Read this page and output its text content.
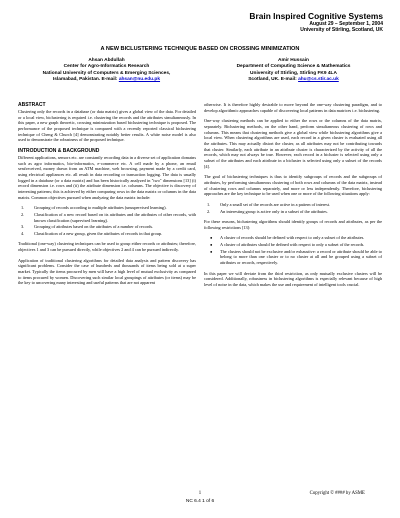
Brain Inspired Cognitive Systems
August 29 – September 1, 2004
University of Stirling, Scotland, UK
A NEW BICLUSTERING TECHNIQUE BASED ON CROSSING MINIMIZATION
Ahsan Abdullah
Center for Agro-Informatics Research
National University of Computers & Emerging Sciences,
Islamabad, Pakistan. E-mail: ahsan@nu.edu.pk
Amir Hussain
Department of Computing Science & Mathematics
University of Stirling, Stirling FK9 4LA
Scotland, UK. E-mail: ahu@cs.stir.ac.uk
ABSTRACT

Clustering only the records in a database (or data matrix) gives a global view of the data. For detailed or a local view, biclustering is required i.e. clustering the records and the attributes simultaneously. In this paper, a new graph theoretic, crossing minimization based biclustering technique is proposed. The performance of the proposed technique is compared with a recently reported classical biclustering technique of Cheng & Church [4] demonstrating notably better results. A white noise model is also used to demonstrate the robustness of the proposed technique.

INTRODUCTION & BACKGROUND

Different applications, sensors etc. are constantly recording data in a diverse set of application domains such as agro informatics, bio-informatics, e-commerce etc. A cell made by a phone, an email sent/received, money drawn from an ATM machine, web browsing, payment made by a credit card, using electrical appliances etc. all result in data recording or transaction logging. The data is usually logged in a database (or a data matrix) and has been historically analyzed in "two" dimensions [13] (i) record dimension i.e. rows and (ii) the attribute dimension i.e. columns. The objective is discovery of interesting patterns; this is achieved by either comparing rows in the data matrix or columns in the data matrix. Common objectives pursued when analyzing the data matrix include:

1. Grouping of records according to multiple attributes (unsupervised learning).
2. Classification of a new record based on its attributes and the attributes of other records, with known classification (supervised learning).
3. Grouping of attributes based on the attributes of a number of records.
4. Classification of a new group, given the attributes of records in that group.

Traditional (one-way) clustering techniques can be used to group either records or attributes; therefore, objectives 1 and 3 can be pursued directly, while objectives 2 and 4 can be pursued indirectly.

Application of traditional clustering algorithms for detailed data analysis and pattern discovery has significant problems. Consider the case of hundreds and thousands of items being sold at a super market. Typically the items procured by men will have a high level of mutual exclusivity as compared to items procured by women. Discovering such similar local groupings of attributes (or items) may be the key to uncovering many interesting and useful patterns that are not apparent

otherwise. It is therefore highly desirable to move beyond the one-way clustering paradigm, and to develop algorithmic approaches capable of discovering local patterns in data matrices i.e. biclustering.

One-way clustering methods can be applied to either the rows or the columns of the data matrix, separately. Biclustering methods, on the other hand, perform simultaneous clustering of rows and columns. This means that clustering methods give a global view while biclustering algorithms give a local view. When clustering algorithms are used, each record in a given cluster is evaluated using all the attributes. This may actually distort the cluster, as all attributes may not be contributing towards that cluster. Similarly, each attribute in an attribute cluster is characterized by the activity of all the records, which may not always be true. However, each record in a bicluster is selected using only a subset of the attributes and each attribute in a bicluster is selected using only a subset of the records [4].

The goal of biclustering techniques is thus to identify subgroups of records and the subgroups of attributes, by performing simultaneous clustering of both rows and columns of the data matrix, instead of clustering rows and columns separately, and more or less independently. Therefore, biclustering approaches are the key technique to be used when one or more of the following situations apply:

1. Only a small set of the records are active in a pattern of interest.
2. An interesting group is active only in a subset of the attributes.

For these reasons, biclustering algorithms should identify groups of records and attributes, as per the following restrictions [13]:

● A cluster of records should be defined with respect to only a subset of the attributes.
● A cluster of attributes should be defined with respect to only a subset of the records.
● The clusters should not be exclusive and/or exhaustive: a record or attribute should be able to belong to more than one cluster or to no cluster at all and be grouped using a subset of attributes or records, respectively.

In this paper we will deviate from the third restriction, as only mutually exclusive clusters will be considered. Additionally, robustness in biclustering algorithms is especially relevant because of high level of noise in the data, which makes the use and requirement of intelligent tools crucial.

1	Copyright © #### by ASME
NC 6.4 1 of 6
